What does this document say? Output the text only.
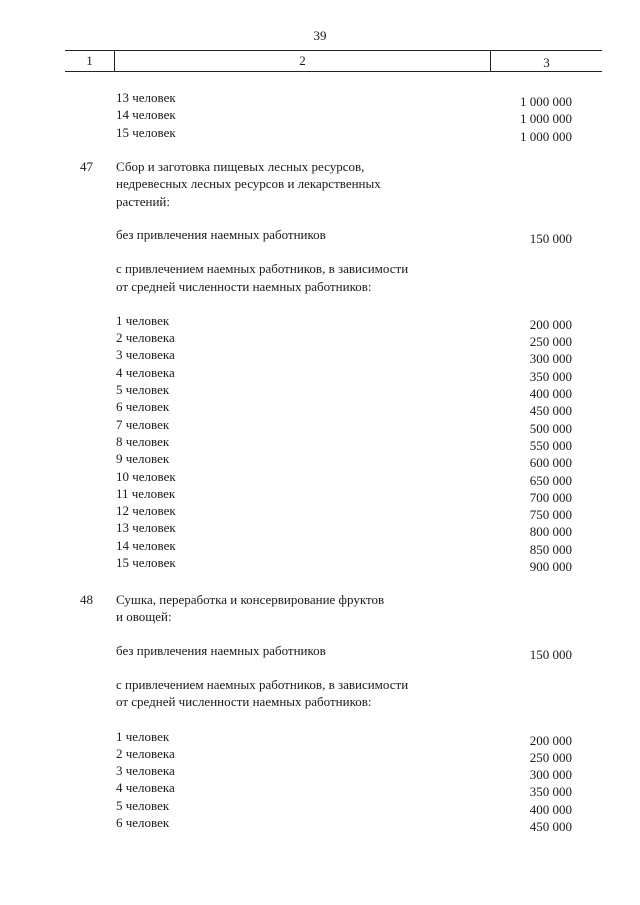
39
1	2	3
13 человек	1 000 000
14 человек	1 000 000
15 человек	1 000 000
47 Сбор и заготовка пищевых лесных ресурсов,
недревесных лесных ресурсов и лекарственных
растений:
без привлечения наемных работников	150 000
с привлечением наемных работников, в зависимости
от средней численности наемных работников:
1 человек	200 000
2 человека	250 000
3 человека	300 000
4 человека	350 000
5 человек	400 000
6 человек	450 000
7 человек	500 000
8 человек	550 000
9 человек	600 000
10 человек	650 000
11 человек	700 000
12 человек	750 000
13 человек	800 000
14 человек	850 000
15 человек	900 000
48 Сушка, переработка и консервирование фруктов
и овощей:
без привлечения наемных работников	150 000
с привлечением наемных работников, в зависимости
от средней численности наемных работников:
1 человек	200 000
2 человека	250 000
3 человека	300 000
4 человека	350 000
5 человек	400 000
6 человек	450 000
